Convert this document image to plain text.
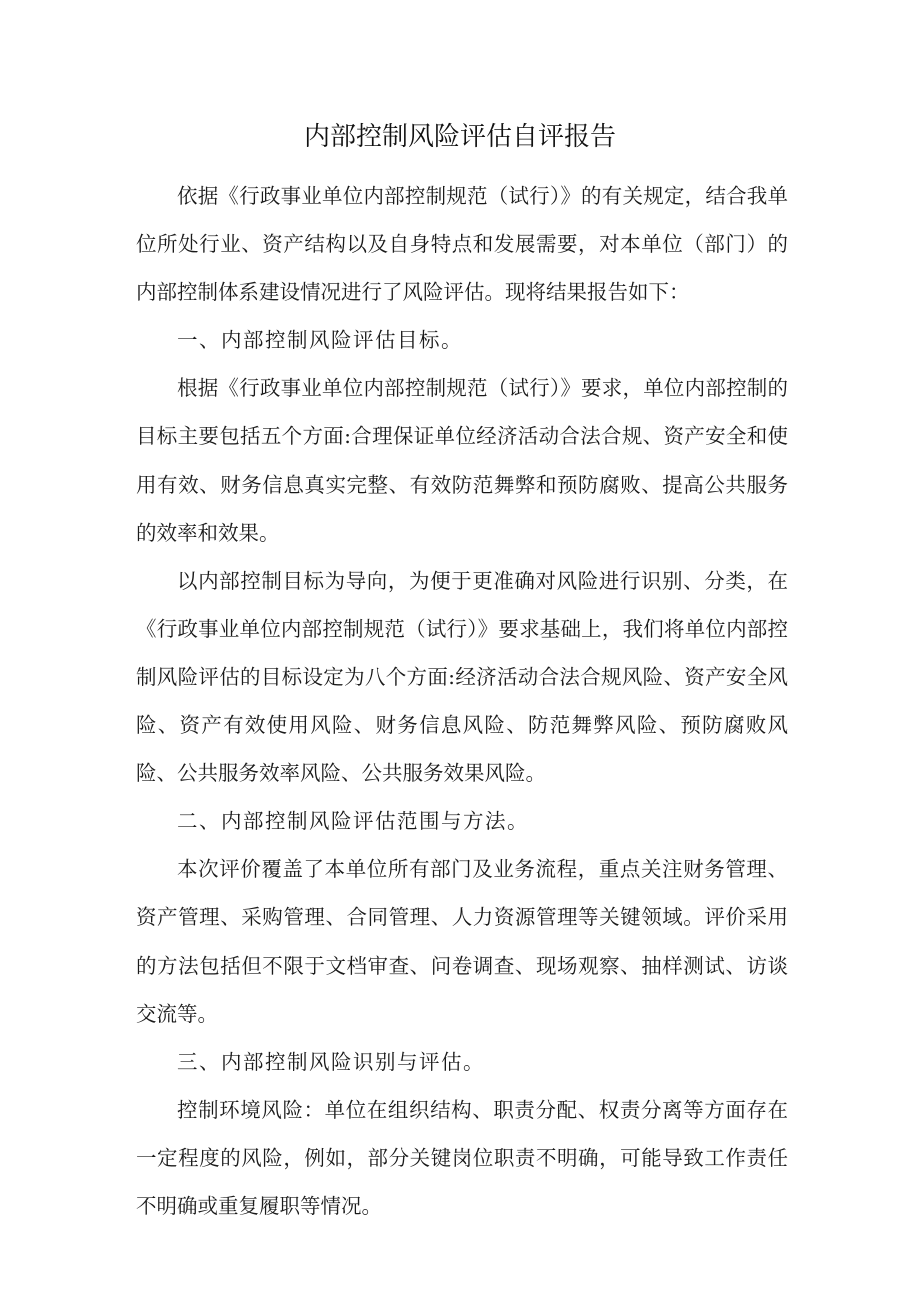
内部控制风险评估自评报告

依据《行政事业单位内部控制规范（试行）》的有关规定，结合我单位所处行业、资产结构以及自身特点和发展需要，对本单位（部门）的内部控制体系建设情况进行了风险评估。现将结果报告如下：

一、内部控制风险评估目标。

根据《行政事业单位内部控制规范（试行）》要求，单位内部控制的目标主要包括五个方面:合理保证单位经济活动合法合规、资产安全和使用有效、财务信息真实完整、有效防范舞弊和预防腐败、提高公共服务的效率和效果。

以内部控制目标为导向，为便于更准确对风险进行识别、分类，在《行政事业单位内部控制规范（试行）》要求基础上，我们将单位内部控制风险评估的目标设定为八个方面:经济活动合法合规风险、资产安全风险、资产有效使用风险、财务信息风险、防范舞弊风险、预防腐败风险、公共服务效率风险、公共服务效果风险。

二、内部控制风险评估范围与方法。

本次评价覆盖了本单位所有部门及业务流程，重点关注财务管理、资产管理、采购管理、合同管理、人力资源管理等关键领域。评价采用的方法包括但不限于文档审查、问卷调查、现场观察、抽样测试、访谈交流等。

三、内部控制风险识别与评估。

控制环境风险：单位在组织结构、职责分配、权责分离等方面存在一定程度的风险，例如，部分关键岗位职责不明确，可能导致工作责任不明确或重复履职等情况。
